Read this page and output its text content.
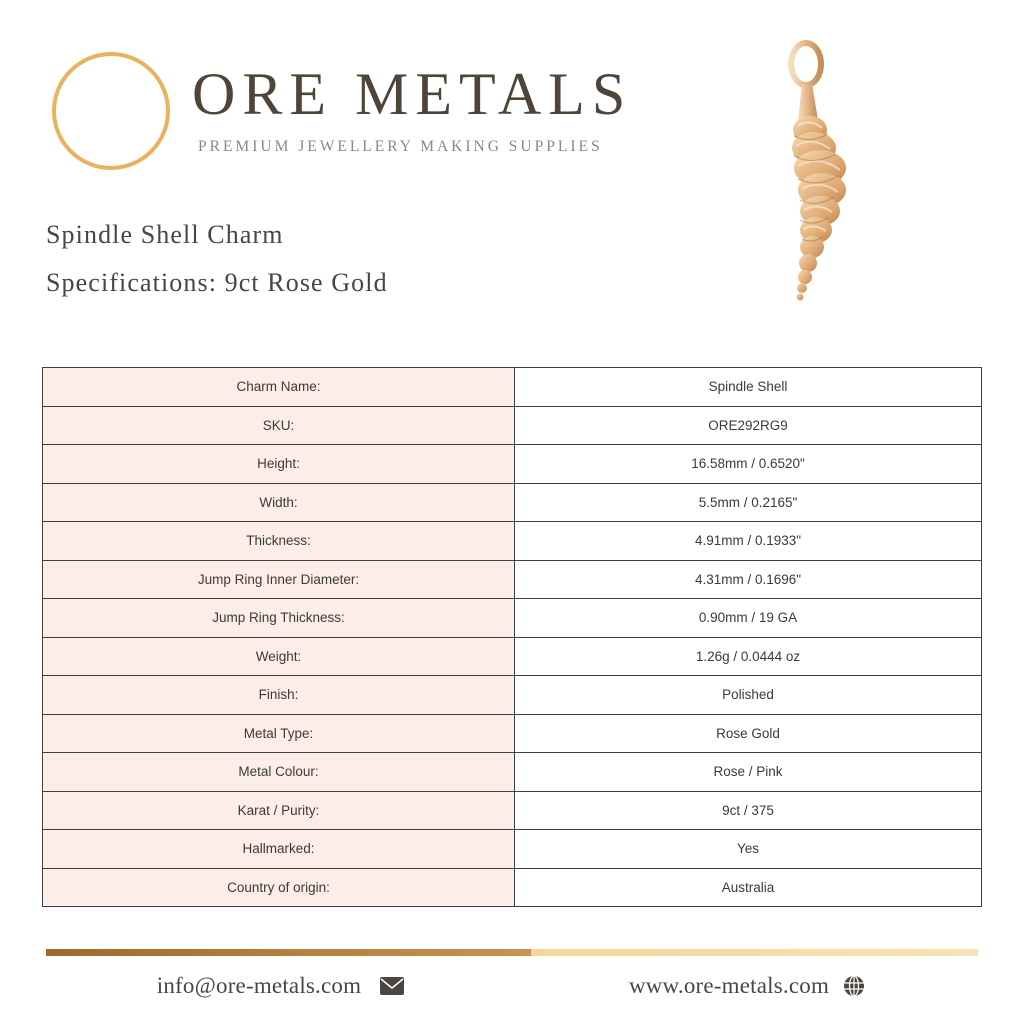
ORE METALS
PREMIUM JEWELLERY MAKING SUPPLIES
Spindle Shell Charm
Specifications: 9ct Rose Gold
Charm Name:	Spindle Shell
SKU:	ORE292RG9
Height:	16.58mm / 0.6520"
Width:	5.5mm / 0.2165"
Thickness:	4.91mm / 0.1933"
Jump Ring Inner Diameter:	4.31mm / 0.1696"
Jump Ring Thickness:	0.90mm / 19 GA
Weight:	1.26g / 0.0444 oz
Finish:	Polished
Metal Type:	Rose Gold
Metal Colour:	Rose / Pink
Karat / Purity:	9ct / 375
Hallmarked:	Yes
Country of origin:	Australia
info@ore-metals.com	www.ore-metals.com
